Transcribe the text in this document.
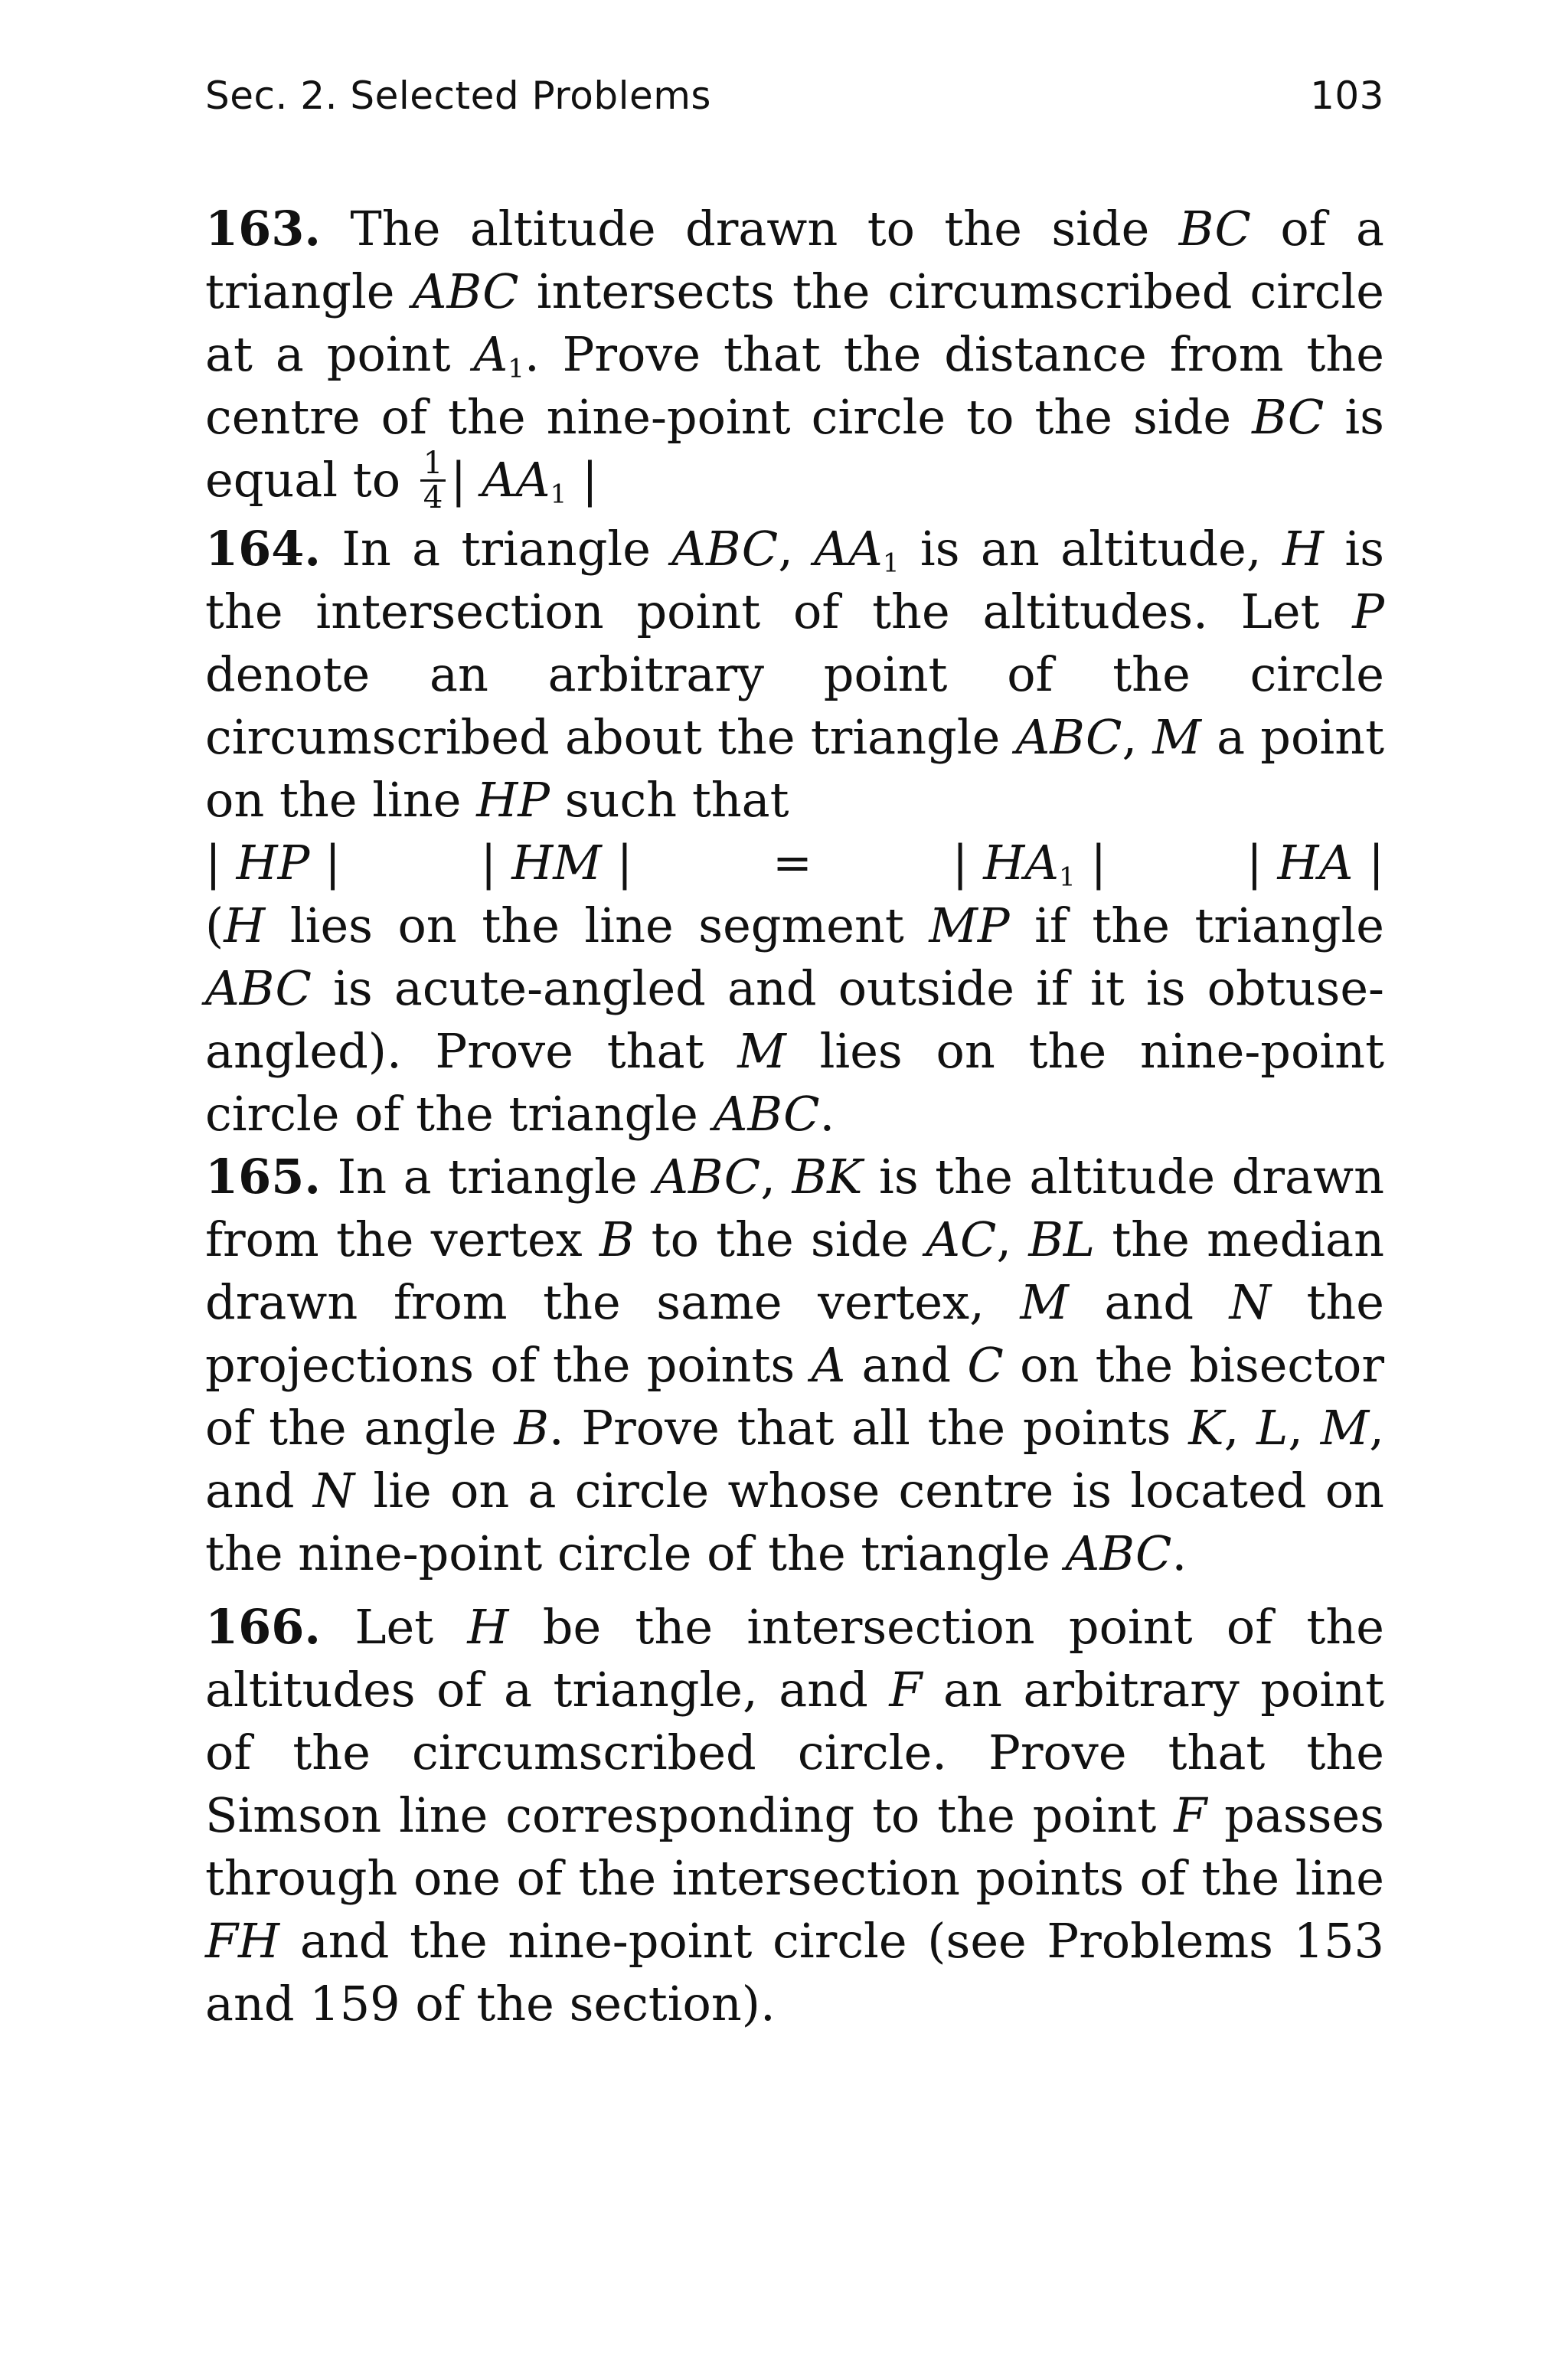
Sec. 2. Selected Problems	103

163. The altitude drawn to the side BC of a triangle ABC intersects the circumscribed circle at a point $A_1$. Prove that the distance from the centre of the nine-point circle to the side BC is equal to $\frac{1}{4}$ | $AA_1$ |

164. In a triangle ABC, $AA_1$ is an altitude, H is the intersection point of the altitudes. Let P denote an arbitrary point of the circle circumscribed about the triangle ABC, M a point on the line HP such that

| HP |	| HM |	=	| $HA_1$ |	| HA |

(H lies on the line segment MP if the triangle ABC is acute-angled and outside if it is obtuse-angled). Prove that M lies on the nine-point circle of the triangle ABC.

165. In a triangle ABC, BK is the altitude drawn from the vertex B to the side AC, BL the median drawn from the same vertex, M and N the projections of the points A and C on the bisector of the angle B. Prove that all the points K, L, M, and N lie on a circle whose centre is located on the nine-point circle of the triangle ABC.

166. Let H be the intersection point of the altitudes of a triangle, and F an arbitrary point of the circumscribed circle. Prove that the Simson line corresponding to the point F passes through one of the intersection points of the line FH and the nine-point circle (see Problems 153 and 159 of the section).
